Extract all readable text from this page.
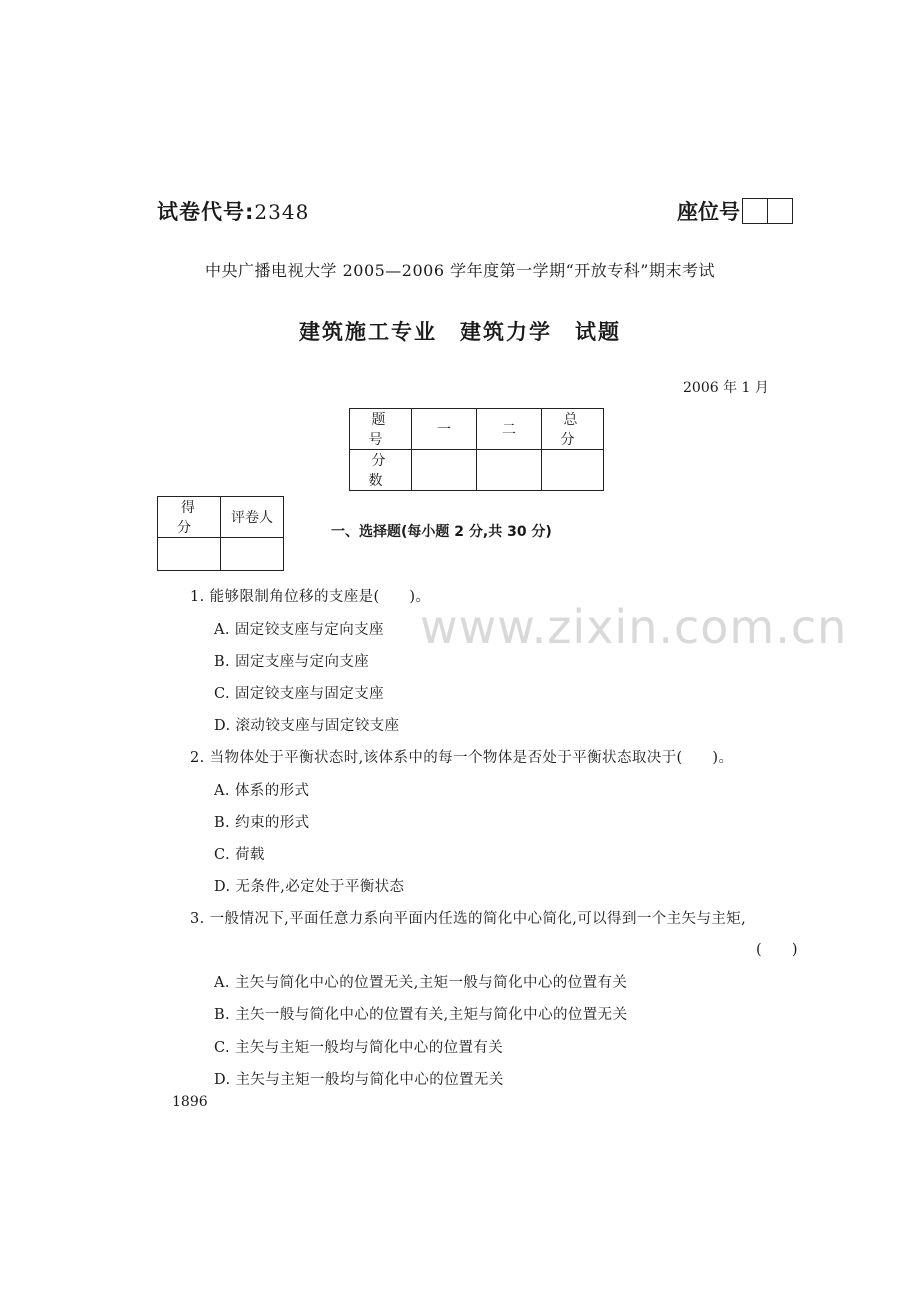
试卷代号:2348	座位号
中央广播电视大学 2005—2006 学年度第一学期“开放专科”期末考试
建筑施工专业　建筑力学　试题
2006 年 1 月
题　号	一	二	总　分
分　数			
得　分	评卷人

一、选择题(每小题 2 分,共 30 分)
www.zixin.com.cn
1. 能够限制角位移的支座是(　　)。
A. 固定铰支座与定向支座
B. 固定支座与定向支座
C. 固定铰支座与固定支座
D. 滚动铰支座与固定铰支座
2. 当物体处于平衡状态时,该体系中的每一个物体是否处于平衡状态取决于(　　)。
A. 体系的形式
B. 约束的形式
C. 荷载
D. 无条件,必定处于平衡状态
3. 一般情况下,平面任意力系向平面内任选的简化中心简化,可以得到一个主矢与主矩,
(　　)
A. 主矢与简化中心的位置无关,主矩一般与简化中心的位置有关
B. 主矢一般与简化中心的位置有关,主矩与简化中心的位置无关
C. 主矢与主矩一般均与简化中心的位置有关
D. 主矢与主矩一般均与简化中心的位置无关
1896
